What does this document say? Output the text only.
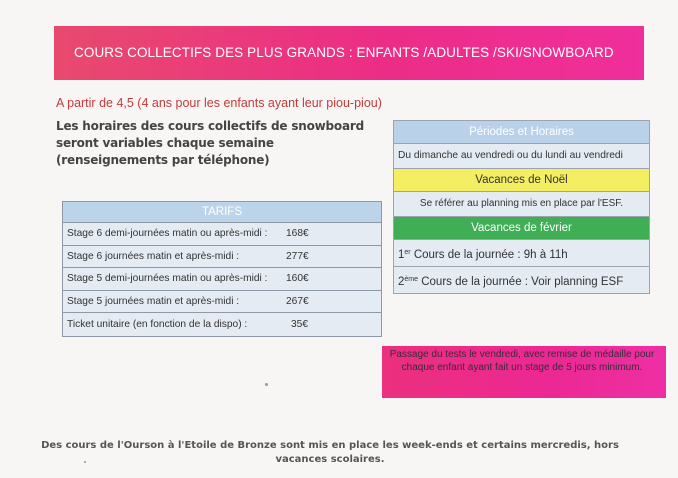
COURS COLLECTIFS DES PLUS GRANDS : ENFANTS /ADULTES /SKI/SNOWBOARD
A partir de 4,5 (4 ans pour les enfants ayant leur piou-piou)
Les horaires des cours collectifs de snowboard seront variables chaque semaine (renseignements par téléphone)
TARIFS
Stage 6 demi-journées matin ou après-midi : 168€
Stage 6 journées matin et après-midi :	277€
Stage 5 demi-journées matin ou après-midi : 160€
Stage 5 journées matin et après-midi :	267€
Ticket unitaire (en fonction de la dispo) :	35€
Périodes et Horaires
Du dimanche au vendredi ou du lundi au vendredi
Vacances de Noël
Se référer au planning mis en place par l'ESF.
Vacances de février
1er Cours de la journée : 9h à 11h
2ème Cours de la journée : Voir planning ESF
Passage du tests le vendredi, avec remise de médaille pour chaque enfant ayant fait un stage de 5 jours minimum.
Des cours de l'Ourson à l'Etoile de Bronze sont mis en place les week-ends et certains mercredis, hors vacances scolaires.
